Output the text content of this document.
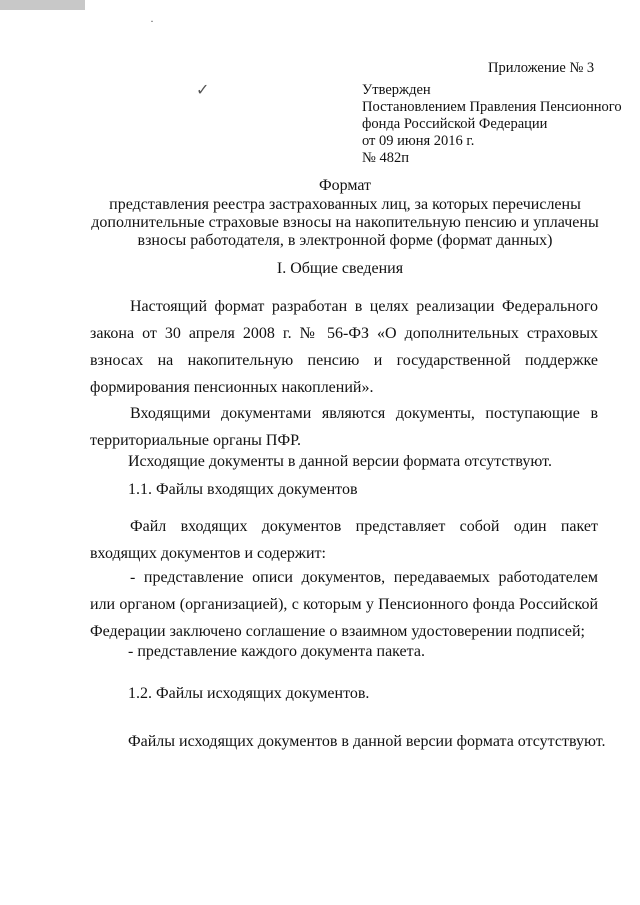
·
✓
Приложение № 3
Утвержден
Постановлением Правления Пенсионного
фонда Российской Федерации
от 09 июня 2016 г.
№ 482п
Формат
представления реестра застрахованных лиц, за которых перечислены
дополнительные страховые взносы на накопительную пенсию и уплачены
взносы работодателя, в электронной форме (формат данных)
I. Общие сведения
Настоящий формат разработан в целях реализации Федерального закона от 30 апреля 2008 г. № 56-ФЗ «О дополнительных страховых взносах на накопительную пенсию и государственной поддержке формирования пенсионных накоплений».
Входящими документами являются документы, поступающие в территориальные органы ПФР.
Исходящие документы в данной версии формата отсутствуют.
1.1. Файлы входящих документов
Файл входящих документов представляет собой один пакет входящих документов и содержит:
- представление описи документов, передаваемых работодателем или органом (организацией), с которым у Пенсионного фонда Российской Федерации заключено соглашение о взаимном удостоверении подписей;
- представление каждого документа пакета.
1.2. Файлы исходящих документов.
Файлы исходящих документов в данной версии формата отсутствуют.
